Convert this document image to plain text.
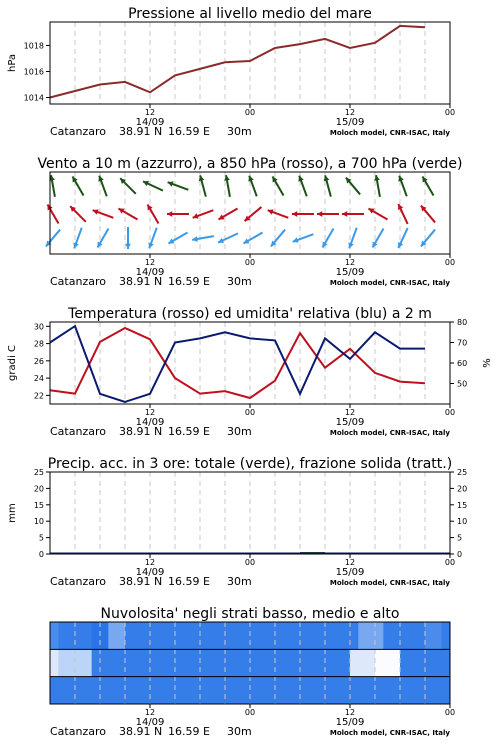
Pressione al livello medio del mare
1014
1016
1018
hPa
12	00	12	00
14/09	15/09
Catanzaro 38.91 N 16.59 E 30m	Moloch model, CNR-ISAC, Italy
Vento a 10 m (azzurro), a 850 hPa (rosso), a 700 hPa (verde)
12	00	12	00
14/09	15/09
Catanzaro 38.91 N 16.59 E 30m	Moloch model, CNR-ISAC, Italy
Temperatura (rosso) ed umidita' relativa (blu) a 2 m
22
24
26
28
30
50
60
70
80
gradi C	%
12	00	12	00
14/09	15/09
Catanzaro 38.91 N 16.59 E 30m	Moloch model, CNR-ISAC, Italy
Precip. acc. in 3 ore: totale (verde), frazione solida (tratt.)
0
5
10
15
20
25
0
5
10
15
20
25
mm
12	00	12	00
14/09	15/09
Catanzaro 38.91 N 16.59 E 30m	Moloch model, CNR-ISAC, Italy
Nuvolosita' negli strati basso, medio e alto
12	00	12	00
14/09	15/09
Catanzaro 38.91 N 16.59 E 30m	Moloch model, CNR-ISAC, Italy
